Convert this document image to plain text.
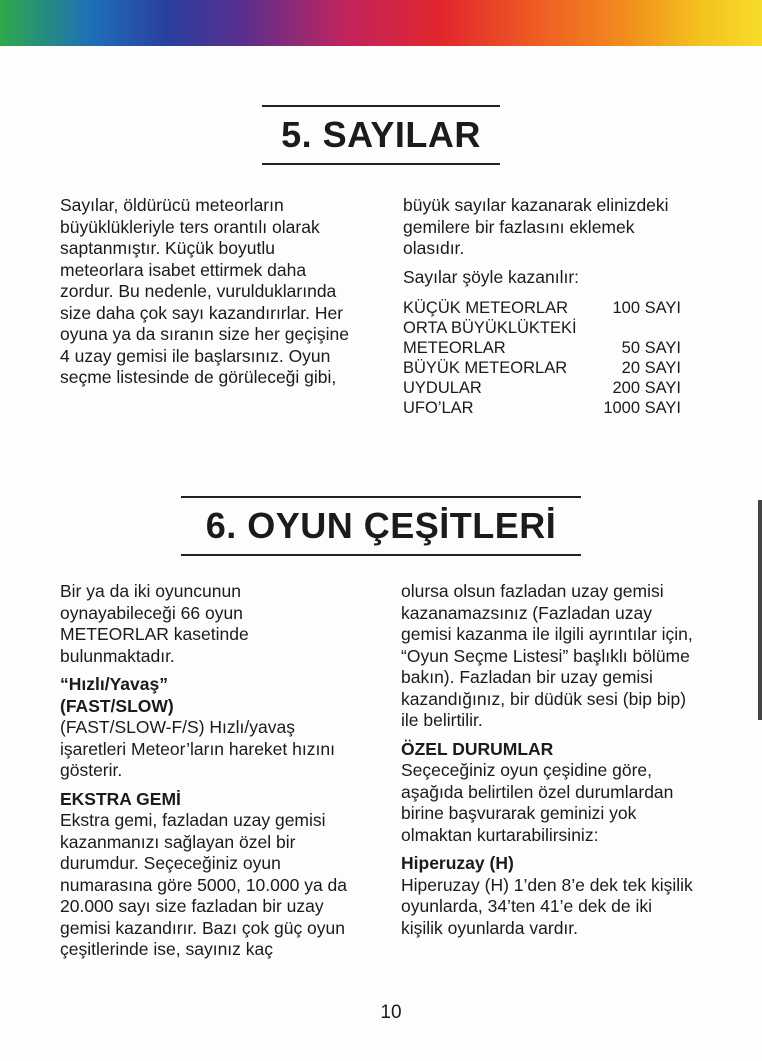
5. SAYILAR

Sayılar, öldürücü meteorların büyüklükleriyle ters orantılı olarak saptanmıştır. Küçük boyutlu meteorlara isabet ettirmek daha zordur. Bu nedenle, vurulduklarında size daha çok sayı kazandırırlar. Her oyuna ya da sıranın size her geçişine 4 uzay gemisi ile başlarsınız. Oyun seçme listesinde de görüleceği gibi,

büyük sayılar kazanarak elinizdeki gemilere bir fazlasını eklemek olasıdır.

Sayılar şöyle kazanılır:

KÜÇÜK METEORLAR	100 SAYI
ORTA BÜYÜKLÜKTEKİ	
METEORLAR	50 SAYI
BÜYÜK METEORLAR	20 SAYI
UYDULAR	200 SAYI
UFO’LAR	1000 SAYI
6. OYUN ÇEŞİTLERİ

Bir ya da iki oyuncunun oynayabileceği 66 oyun METEORLAR kasetinde bulunmaktadır.

“Hızlı/Yavaş”
(FAST/SLOW)

(FAST/SLOW-F/S) Hızlı/yavaş işaretleri Meteor’ların hareket hızını gösterir.

EKSTRA GEMİ

Ekstra gemi, fazladan uzay gemisi kazanmanızı sağlayan özel bir durumdur. Seçeceğiniz oyun numarasına göre 5000, 10.000 ya da 20.000 sayı size fazladan bir uzay gemisi kazandırır. Bazı çok güç oyun çeşitlerinde ise, sayınız kaç

olursa olsun fazladan uzay gemisi kazanamazsınız (Fazladan uzay gemisi kazanma ile ilgili ayrıntılar için, “Oyun Seçme Listesi” başlıklı bölüme bakın). Fazladan bir uzay gemisi kazandığınız, bir düdük sesi (bip bip) ile belirtilir.

ÖZEL DURUMLAR

Seçeceğiniz oyun çeşidine göre, aşağıda belirtilen özel durumlardan birine başvurarak geminizi yok olmaktan kurtarabilirsiniz:

Hiperuzay (H)

Hiperuzay (H) 1’den 8’e dek tek kişilik oyunlarda, 34’ten 41’e dek de iki kişilik oyunlarda vardır.

10
